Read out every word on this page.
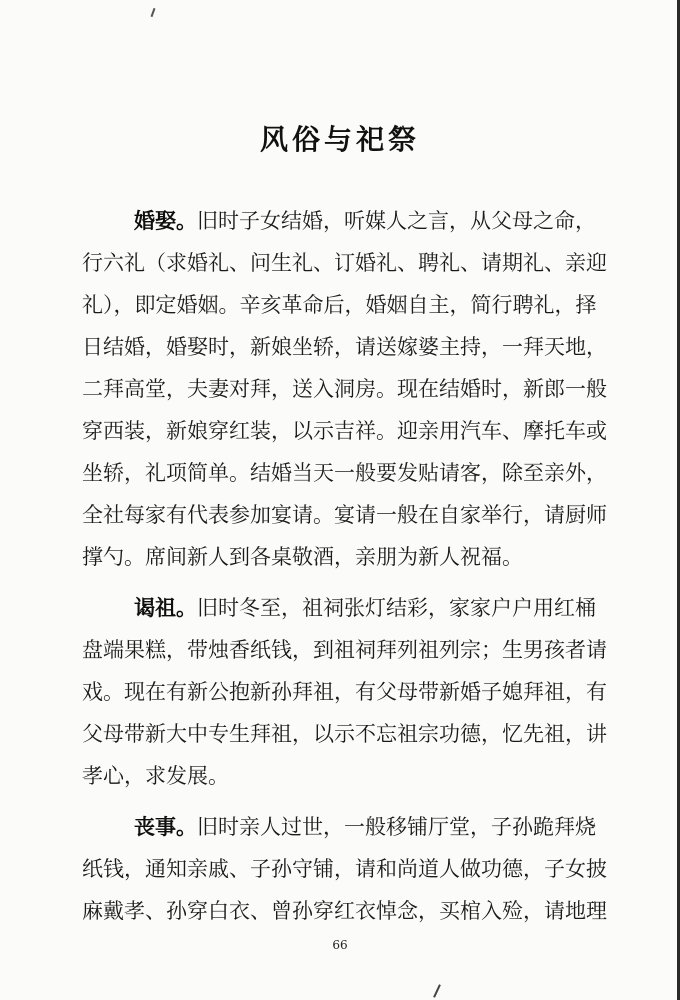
风俗与祀祭
婚娶。旧时子女结婚，听媒人之言，从父母之命，
行六礼（求婚礼、问生礼、订婚礼、聘礼、请期礼、亲迎
礼），即定婚姻。辛亥革命后，婚姻自主，简行聘礼，择
日结婚，婚娶时，新娘坐轿，请送嫁婆主持，一拜天地，
二拜高堂，夫妻对拜，送入洞房。现在结婚时，新郎一般
穿西装，新娘穿红装，以示吉祥。迎亲用汽车、摩托车或
坐轿，礼项简单。结婚当天一般要发贴请客，除至亲外，
全社每家有代表参加宴请。宴请一般在自家举行，请厨师
撑勺。席间新人到各桌敬酒，亲朋为新人祝福。
谒祖。旧时冬至，祖祠张灯结彩，家家户户用红桶
盘端果糕，带烛香纸钱，到祖祠拜列祖列宗；生男孩者请
戏。现在有新公抱新孙拜祖，有父母带新婚子媳拜祖，有
父母带新大中专生拜祖，以示不忘祖宗功德，忆先祖，讲
孝心，求发展。
丧事。旧时亲人过世，一般移铺厅堂，子孙跪拜烧
纸钱，通知亲戚、子孙守铺，请和尚道人做功德，子女披
麻戴孝、孙穿白衣、曾孙穿红衣悼念，买棺入殓，请地理
66
